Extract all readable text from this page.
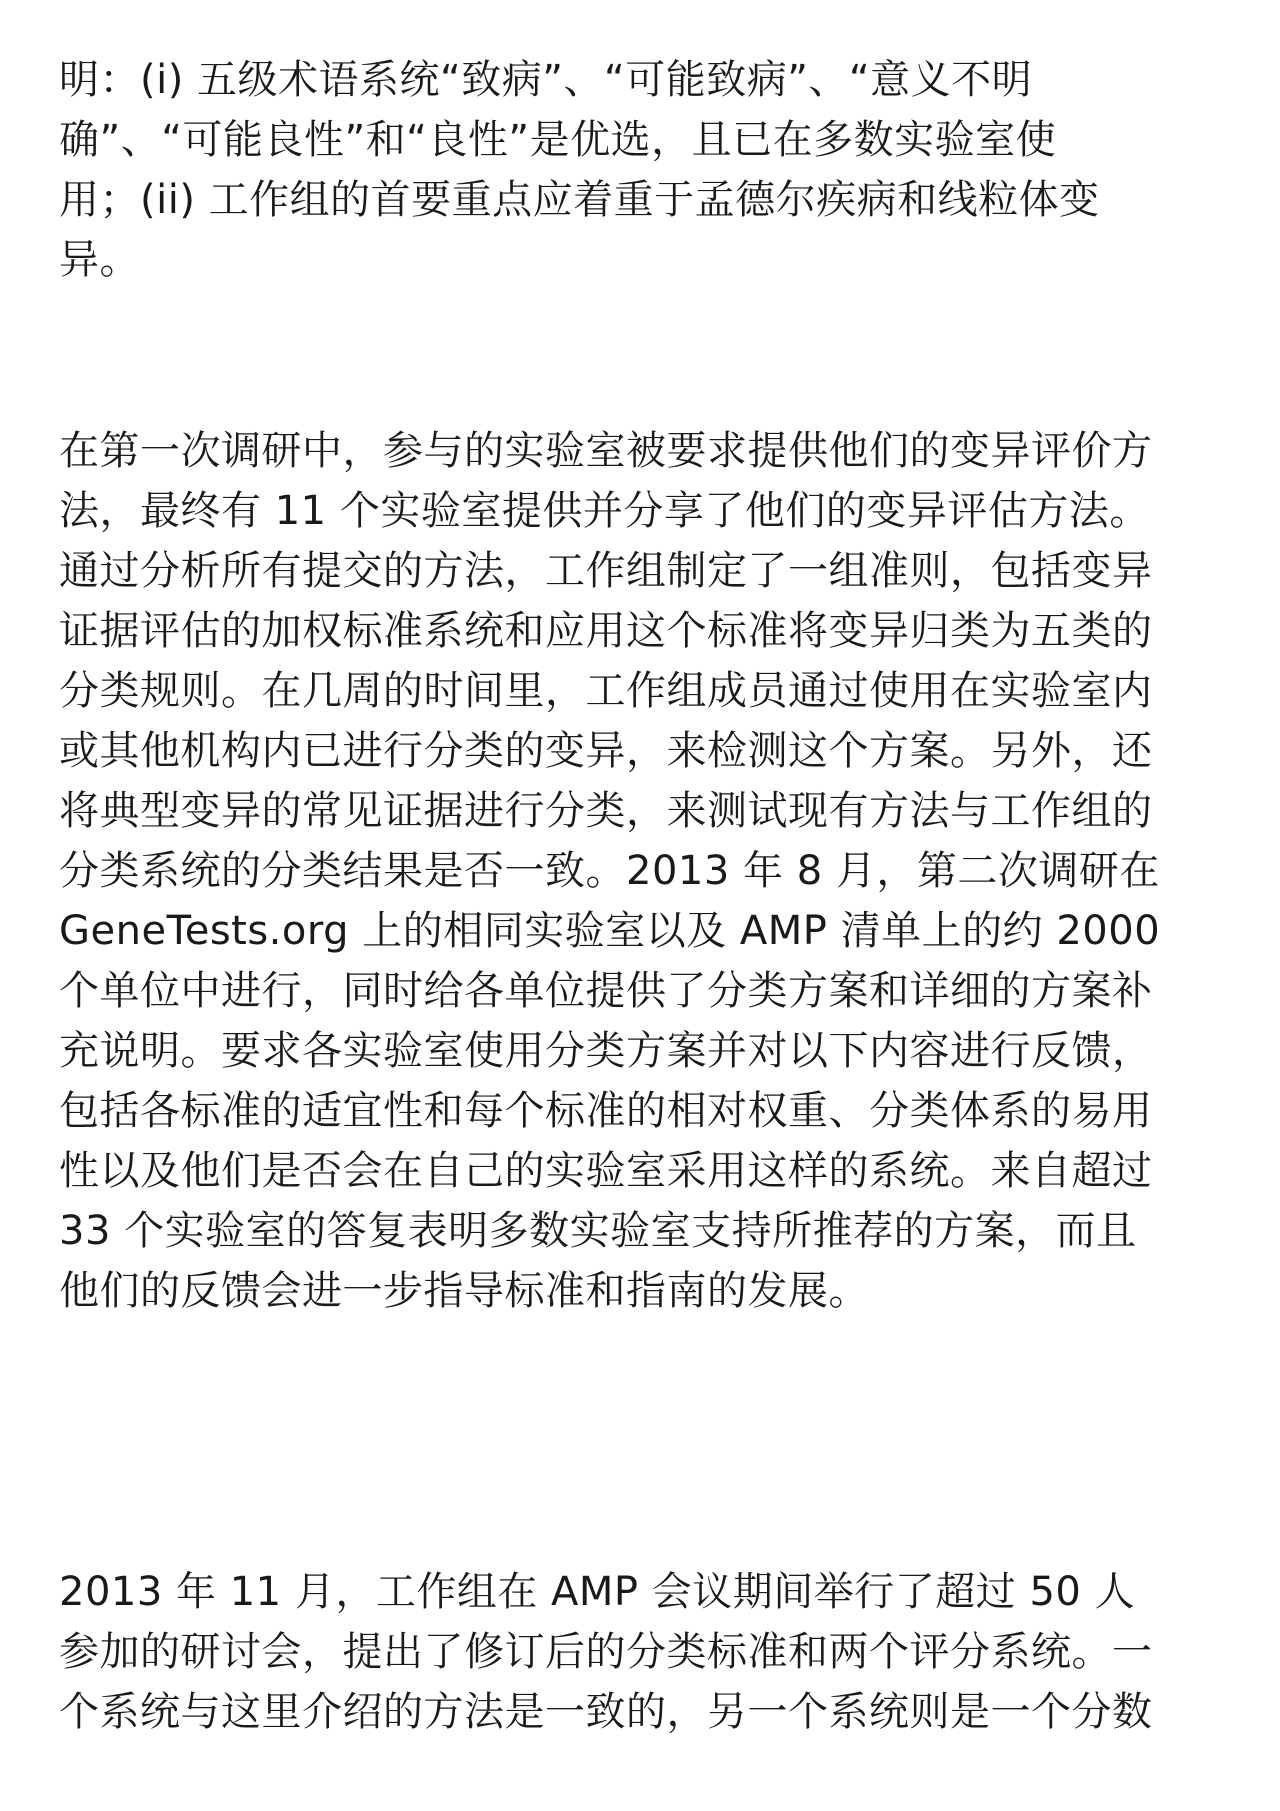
明：(i) 五级术语系统“致病”、“可能致病”、“意义不明
确”、“可能良性”和“良性”是优选，且已在多数实验室使
用；(ii) 工作组的首要重点应着重于孟德尔疾病和线粒体变
异。
在第一次调研中，参与的实验室被要求提供他们的变异评价方
法，最终有 11 个实验室提供并分享了他们的变异评估方法。
通过分析所有提交的方法，工作组制定了一组准则，包括变异
证据评估的加权标准系统和应用这个标准将变异归类为五类的
分类规则。在几周的时间里，工作组成员通过使用在实验室内
或其他机构内已进行分类的变异，来检测这个方案。另外，还
将典型变异的常见证据进行分类，来测试现有方法与工作组的
分类系统的分类结果是否一致。2013 年 8 月，第二次调研在
GeneTests.org 上的相同实验室以及 AMP 清单上的约 2000
个单位中进行，同时给各单位提供了分类方案和详细的方案补
充说明。要求各实验室使用分类方案并对以下内容进行反馈，
包括各标准的适宜性和每个标准的相对权重、分类体系的易用
性以及他们是否会在自己的实验室采用这样的系统。来自超过
33 个实验室的答复表明多数实验室支持所推荐的方案，而且
他们的反馈会进一步指导标准和指南的发展。
2013 年 11 月，工作组在 AMP 会议期间举行了超过 50 人
参加的研讨会，提出了修订后的分类标准和两个评分系统。一
个系统与这里介绍的方法是一致的，另一个系统则是一个分数
